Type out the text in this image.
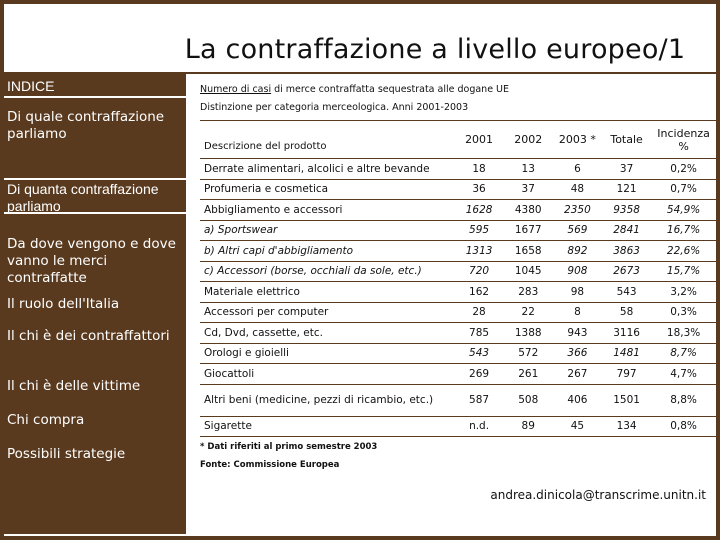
La contraffazione a livello europeo/1
INDICE
Di quale contraffazione parliamo
Di quanta contraffazione parliamo
Da dove vengono e dove vanno le merci contraffatte
Il ruolo dell'Italia
Il chi è dei contraffattori
Il chi è delle vittime
Chi compra
Possibili strategie
Numero di casi di merce contraffatta sequestrata alle dogane UE
Distinzione per categoria merceologica. Anni 2001-2003
Descrizione del prodotto	2001	2002	2003 *	Totale	Incidenza %
Derrate alimentari, alcolici e altre bevande	18	13	6	37	0,2%
Profumeria e cosmetica	36	37	48	121	0,7%
Abbigliamento e accessori	1628	4380	2350	9358	54,9%
a) Sportswear	595	1677	569	2841	16,7%
b) Altri capi d'abbigliamento	1313	1658	892	3863	22,6%
c) Accessori (borse, occhiali da sole, etc.)	720	1045	908	2673	15,7%
Materiale elettrico	162	283	98	543	3,2%
Accessori per computer	28	22	8	58	0,3%
Cd, Dvd, cassette, etc.	785	1388	943	3116	18,3%
Orologi e gioielli	543	572	366	1481	8,7%
Giocattoli	269	261	267	797	4,7%
Altri beni (medicine, pezzi di ricambio, etc.)	587	508	406	1501	8,8%
Sigarette	n.d.	89	45	134	0,8%
* Dati riferiti al primo semestre 2003
Fonte: Commissione Europea
andrea.dinicola@transcrime.unitn.it
